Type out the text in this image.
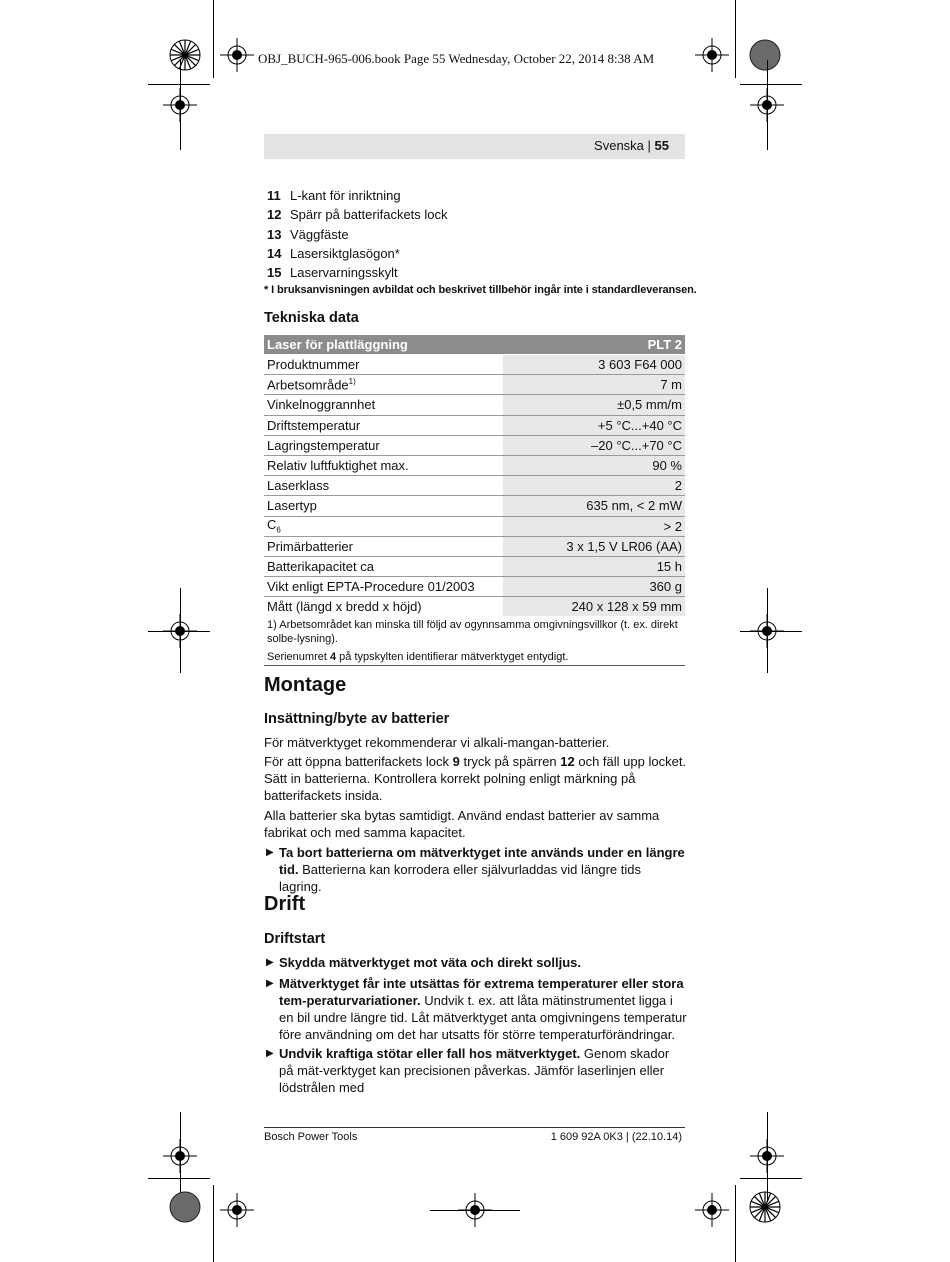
OBJ_BUCH-965-006.book Page 55 Wednesday, October 22, 2014 8:38 AM
Svenska | 55
11 L-kant för inriktning
12 Spärr på batterifackets lock
13 Väggfäste
14 Lasersiktglasögon*
15 Laservarningsskylt
* I bruksanvisningen avbildat och beskrivet tillbehör ingår inte i standardleveransen.
Tekniska data
Laser för plattläggning	PLT 2
Produktnummer	3 603 F64 000
Arbetsområde$^{1)}$	7 m
Vinkelnoggrannhet	±0,5 mm/m
Driftstemperatur	+5 °C...+40 °C
Lagringstemperatur	–20 °C...+70 °C
Relativ luftfuktighet max.	90 %
Laserklass	2
Lasertyp	635 nm, < 2 mW
$C_6$	> 2
Primärbatterier	3 x 1,5 V LR06 (AA)
Batterikapacitet ca	15 h
Vikt enligt EPTA-Procedure 01/2003	360 g
Mått (längd x bredd x höjd)	240 x 128 x 59 mm
1) Arbetsområdet kan minska till följd av ogynnsamma omgivningsvillkor (t. ex. direkt solbe-lysning).
Serienumret 4 på typskylten identifierar mätverktyget entydigt.
Montage
Insättning/byte av batterier
För mätverktyget rekommenderar vi alkali-mangan-batterier.
För att öppna batterifackets lock 9 tryck på spärren 12 och fäll upp locket. Sätt in batterierna. Kontrollera korrekt polning enligt märkning på batterifackets insida.
Alla batterier ska bytas samtidigt. Använd endast batterier av samma fabrikat och med samma kapacitet.
▶ Ta bort batterierna om mätverktyget inte används under en längre tid. Batterierna kan korrodera eller självurladdas vid längre tids lagring.
Drift
Driftstart
▶ Skydda mätverktyget mot väta och direkt solljus.
▶ Mätverktyget får inte utsättas för extrema temperaturer eller stora tem-peraturvariationer. Undvik t. ex. att låta mätinstrumentet ligga i en bil undre längre tid. Låt mätverktyget anta omgivningens temperatur före användning om det har utsatts för större temperaturförändringar.
▶ Undvik kraftiga stötar eller fall hos mätverktyget. Genom skador på mät-verktyget kan precisionen påverkas. Jämför laserlinjen eller lödstrålen med
Bosch Power Tools	1 609 92A 0K3 | (22.10.14)
